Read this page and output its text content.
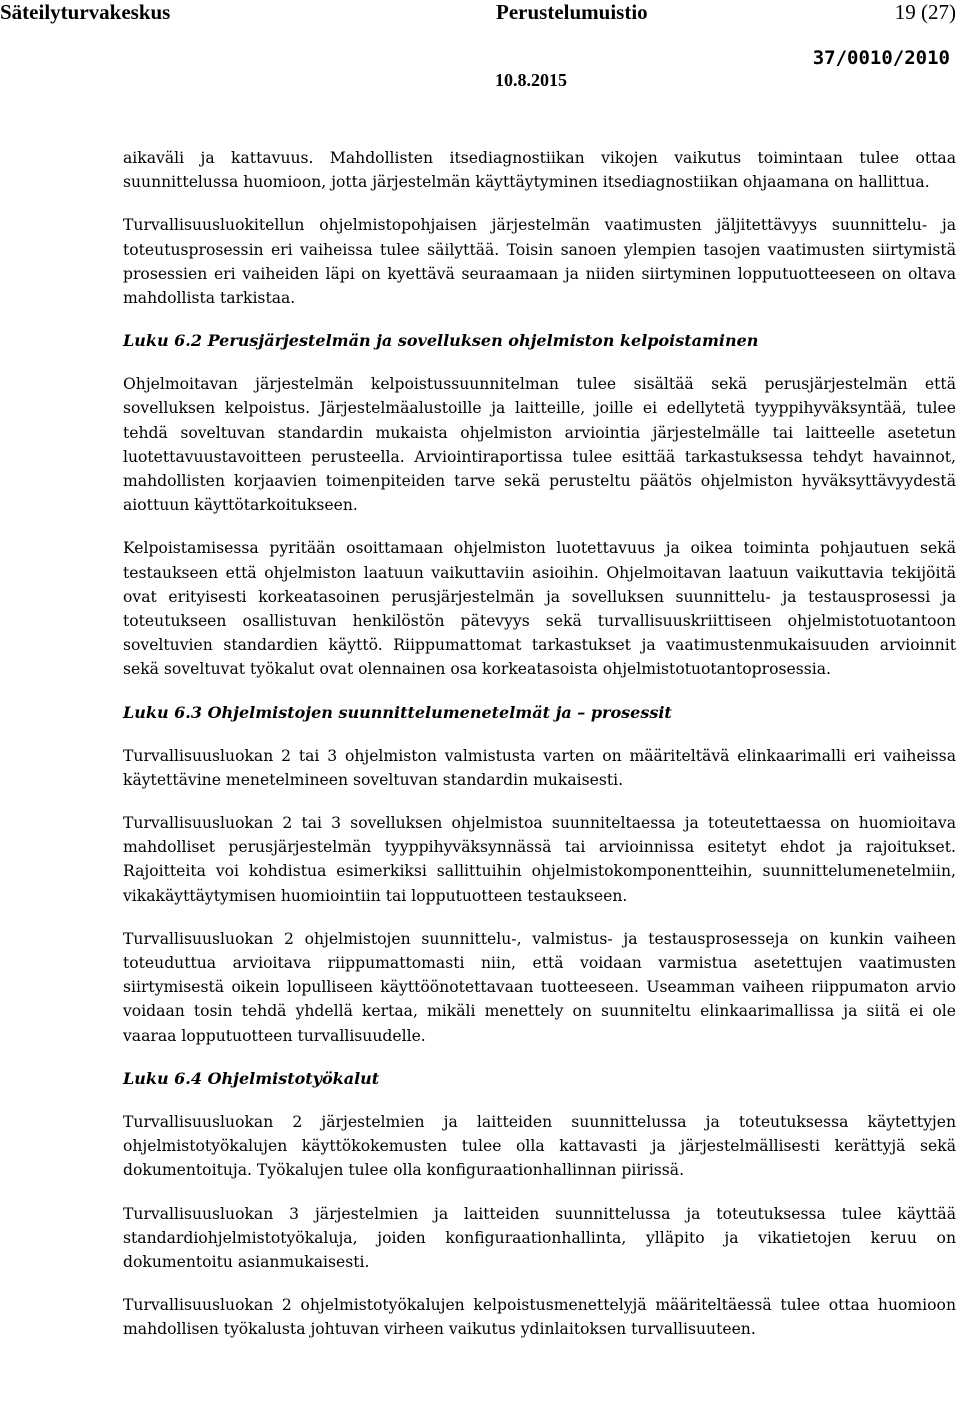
Säteilyturvakeskus	Perustelumuistio	19 (27)
37/0010/2010
10.8.2015

aikaväli ja kattavuus. Mahdollisten itsediagnostiikan vikojen vaikutus toimintaan tulee ottaa suunnittelussa huomioon, jotta järjestelmän käyttäytyminen itsediagnostiikan ohjaamana on hallittua.

Turvallisuusluokitellun ohjelmistopohjaisen järjestelmän vaatimusten jäljitettävyys suunnittelu- ja toteutusprosessin eri vaiheissa tulee säilyttää. Toisin sanoen ylempien tasojen vaatimusten siirtymistä prosessien eri vaiheiden läpi on kyettävä seuraamaan ja niiden siirtyminen lopputuotteeseen on oltava mahdollista tarkistaa.

Luku 6.2 Perusjärjestelmän ja sovelluksen ohjelmiston kelpoistaminen

Ohjelmoitavan järjestelmän kelpoistussuunnitelman tulee sisältää sekä perusjärjestelmän että sovelluksen kelpoistus. Järjestelmäalustoille ja laitteille, joille ei edellytetä tyyppihyväksyntää, tulee tehdä soveltuvan standardin mukaista ohjelmiston arviointia järjestelmälle tai laitteelle asetetun luotettavuustavoitteen perusteella. Arviointiraportissa tulee esittää tarkastuksessa tehdyt havainnot, mahdollisten korjaavien toimenpiteiden tarve sekä perusteltu päätös ohjelmiston hyväksyttävyydestä aiottuun käyttötarkoitukseen.

Kelpoistamisessa pyritään osoittamaan ohjelmiston luotettavuus ja oikea toiminta pohjautuen sekä testaukseen että ohjelmiston laatuun vaikuttaviin asioihin. Ohjelmoitavan laatuun vaikuttavia tekijöitä ovat erityisesti korkeatasoinen perusjärjestelmän ja sovelluksen suunnittelu- ja testausprosessi ja toteutukseen osallistuvan henkilöstön pätevyys sekä turvallisuuskriittiseen ohjelmistotuotantoon soveltuvien standardien käyttö. Riippumattomat tarkastukset ja vaatimustenmukaisuuden arvioinnit sekä soveltuvat työkalut ovat olennainen osa korkeatasoista ohjelmistotuotantoprosessia.

Luku 6.3 Ohjelmistojen suunnittelumenetelmät ja – prosessit

Turvallisuusluokan 2 tai 3 ohjelmiston valmistusta varten on määriteltävä elinkaarimalli eri vaiheissa käytettävine menetelmineen soveltuvan standardin mukaisesti.

Turvallisuusluokan 2 tai 3 sovelluksen ohjelmistoa suunniteltaessa ja toteutettaessa on huomioitava mahdolliset perusjärjestelmän tyyppihyväksynnässä tai arvioinnissa esitetyt ehdot ja rajoitukset. Rajoitteita voi kohdistua esimerkiksi sallittuihin ohjelmistokomponentteihin, suunnittelumenetelmiin, vikakäyttäytymisen huomiointiin tai lopputuotteen testaukseen.

Turvallisuusluokan 2 ohjelmistojen suunnittelu-, valmistus- ja testausprosesseja on kunkin vaiheen toteuduttua arvioitava riippumattomasti niin, että voidaan varmistua asetettujen vaatimusten siirtymisestä oikein lopulliseen käyttöönotettavaan tuotteeseen. Useamman vaiheen riippumaton arvio voidaan tosin tehdä yhdellä kertaa, mikäli menettely on suunniteltu elinkaarimallissa ja siitä ei ole vaaraa lopputuotteen turvallisuudelle.

Luku 6.4 Ohjelmistotyökalut

Turvallisuusluokan 2 järjestelmien ja laitteiden suunnittelussa ja toteutuksessa käytettyjen ohjelmistotyökalujen käyttökokemusten tulee olla kattavasti ja järjestelmällisesti kerättyjä sekä dokumentoituja. Työkalujen tulee olla konfiguraationhallinnan piirissä.

Turvallisuusluokan 3 järjestelmien ja laitteiden suunnittelussa ja toteutuksessa tulee käyttää standardiohjelmistotyökaluja, joiden konfiguraationhallinta, ylläpito ja vikatietojen keruu on dokumentoitu asianmukaisesti.

Turvallisuusluokan 2 ohjelmistotyökalujen kelpoistusmenettelyjä määriteltäessä tulee ottaa huomioon mahdollisen työkalusta johtuvan virheen vaikutus ydinlaitoksen turvallisuuteen.
